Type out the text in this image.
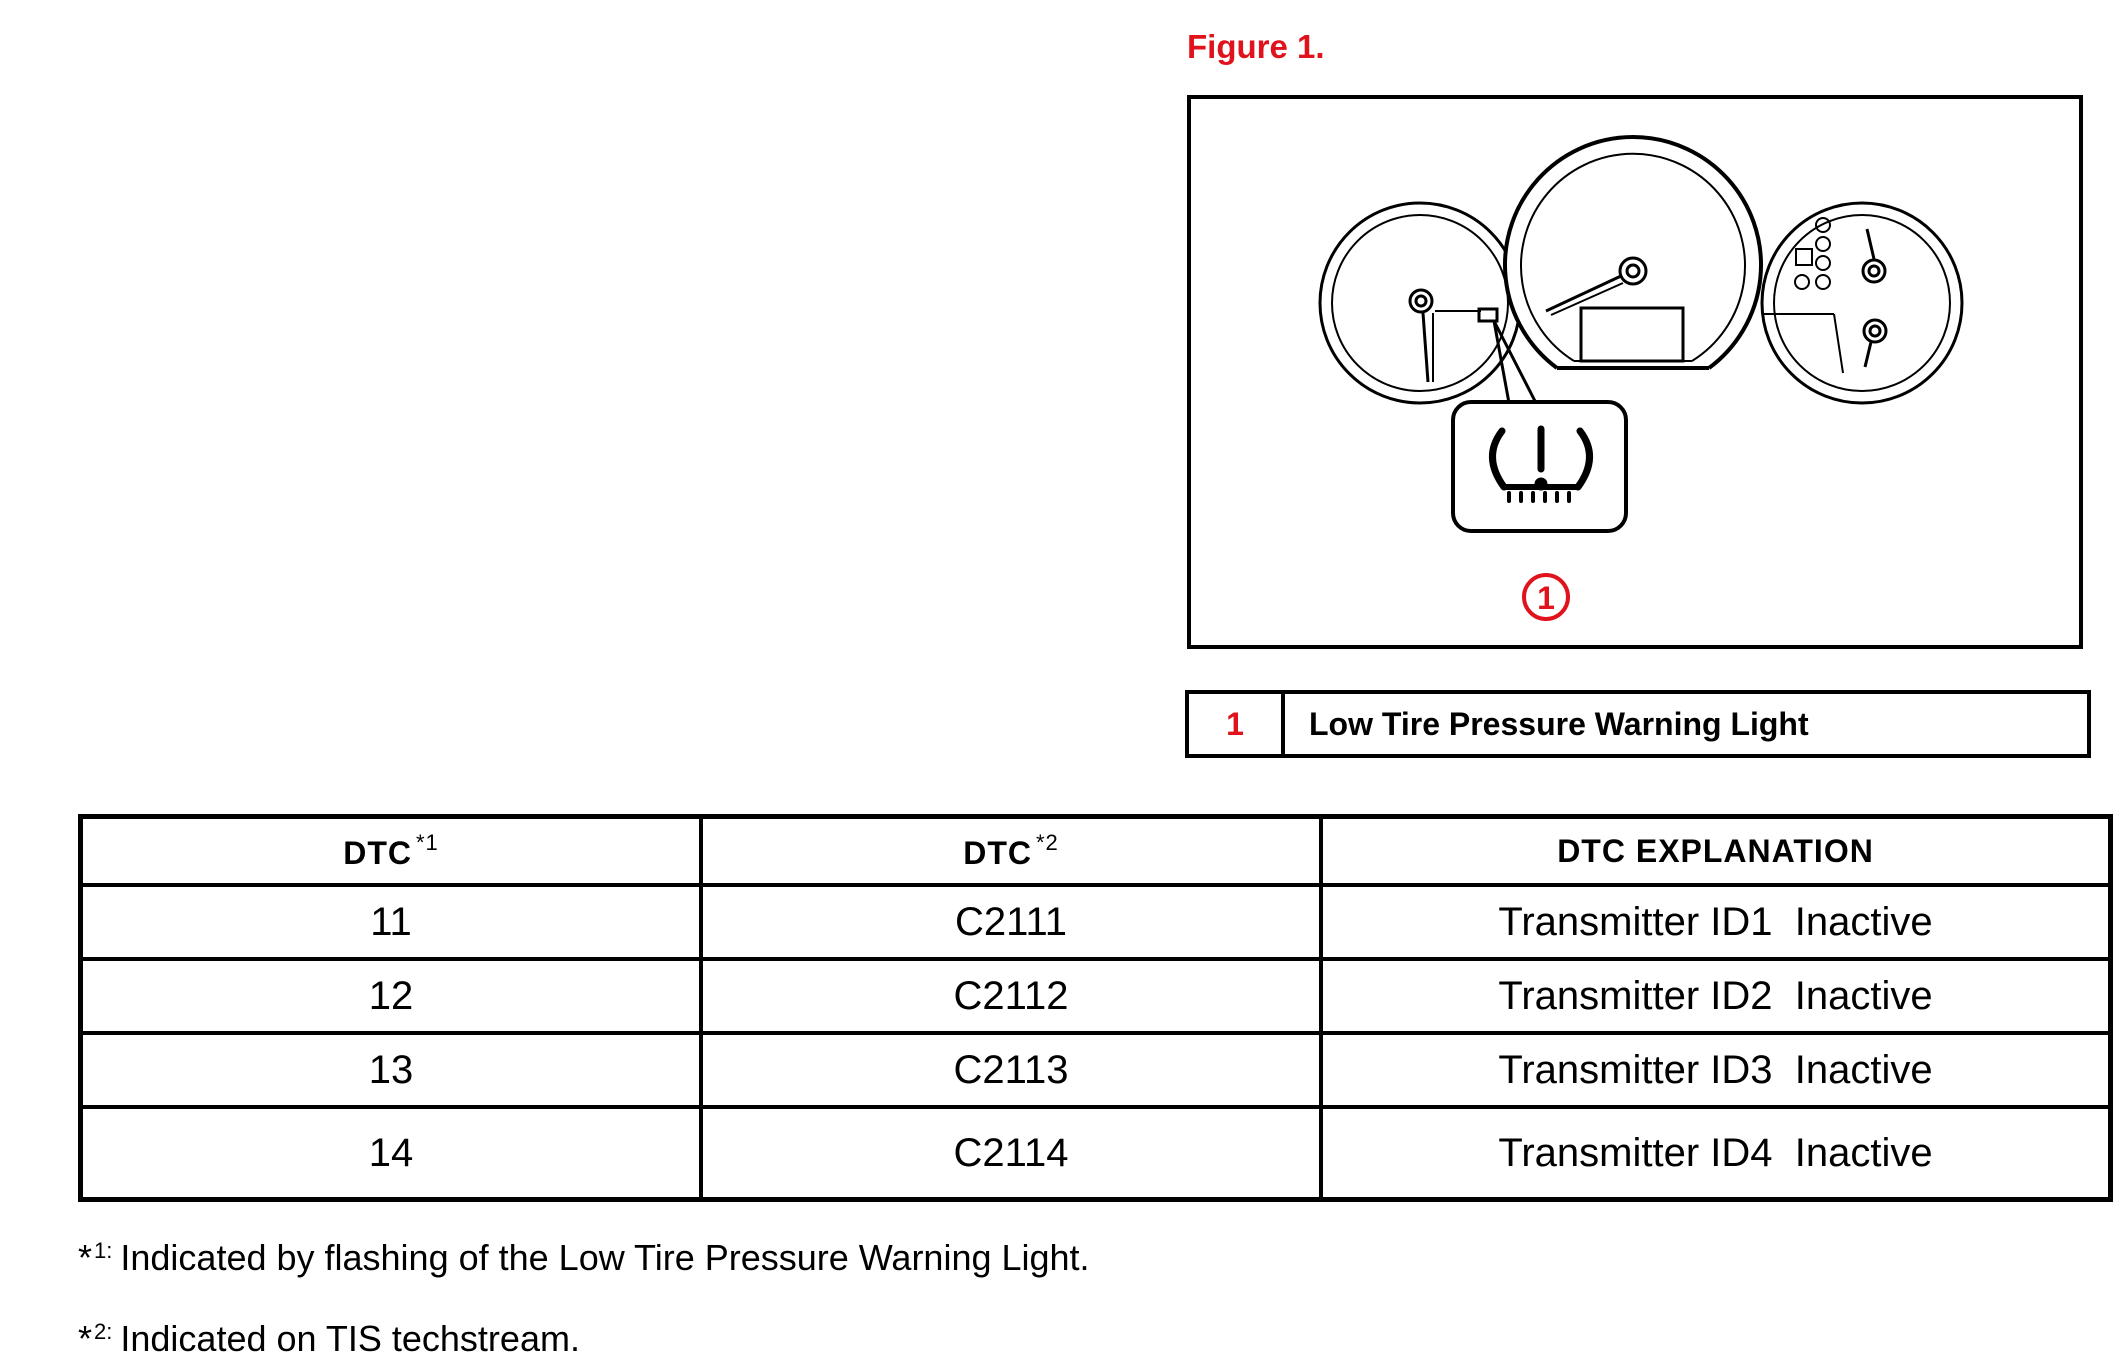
Figure 1.
1
1	Low Tire Pressure Warning Light
DTC $^{*1}$	DTC $^{*2}$	DTC EXPLANATION
11	C2111	Transmitter ID1  Inactive
12	C2112	Transmitter ID2  Inactive
13	C2113	Transmitter ID3  Inactive
14	C2114	Transmitter ID4  Inactive
*$^{1:}$ Indicated by flashing of the Low Tire Pressure Warning Light.
*$^{2:}$ Indicated on TIS techstream.
